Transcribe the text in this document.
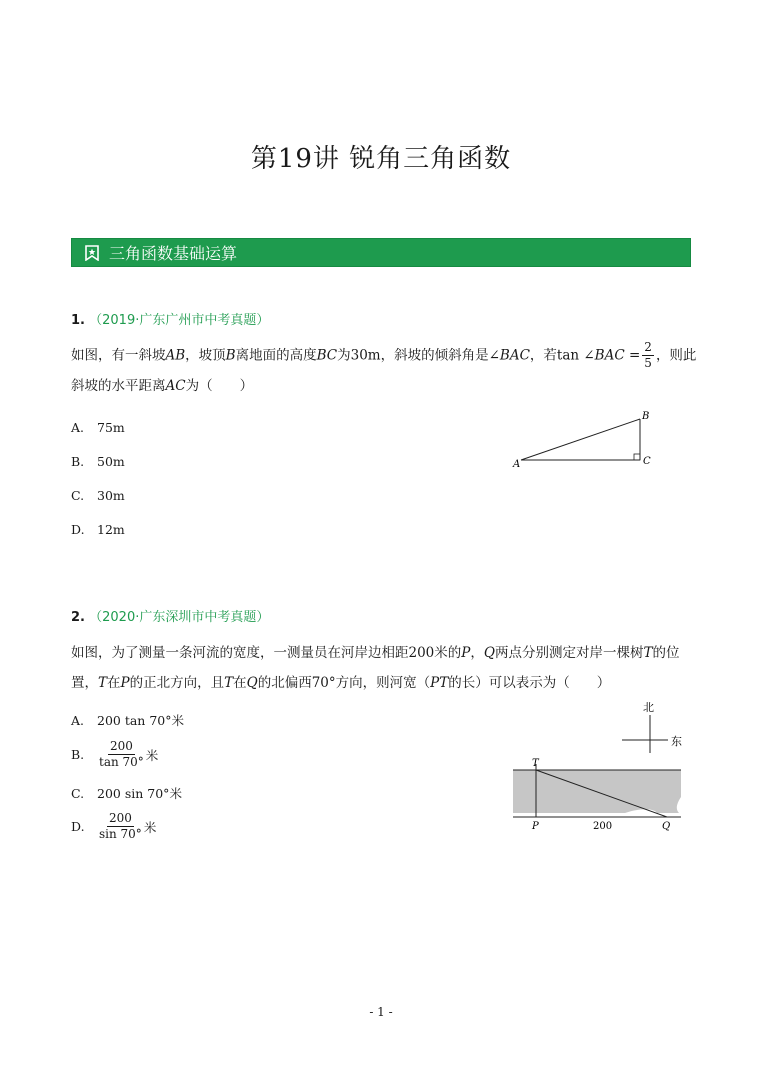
第19讲 锐角三角函数
三角函数基础运算
1. （2019·广东广州市中考真题）
如图，有一斜坡AB，坡顶B离地面的高度BC为30m，斜坡的倾斜角是∠BAC，若tan ∠BAC = $\frac{2}{5}$ ，则此
斜坡的水平距离AC为（　　）
A.	75m
B.	50m
C.	30m
D. 12m
A
B
C
2. （2020·广东深圳市中考真题）
如图，为了测量一条河流的宽度，一测量员在河岸边相距200米的P，Q两点分别测定对岸一棵树T的位
置，T在P的正北方向，且T在Q的北偏西70°方向，则河宽（PT的长）可以表示为（　　）
A.	200 tan 70° 米
B.	$\frac{200}{\tan 70^\circ}$ 米
C.	200 sin 70° 米
D.	$\frac{200}{\sin 70^\circ}$ 米
北
东
T
P	200	Q
- 1 -
